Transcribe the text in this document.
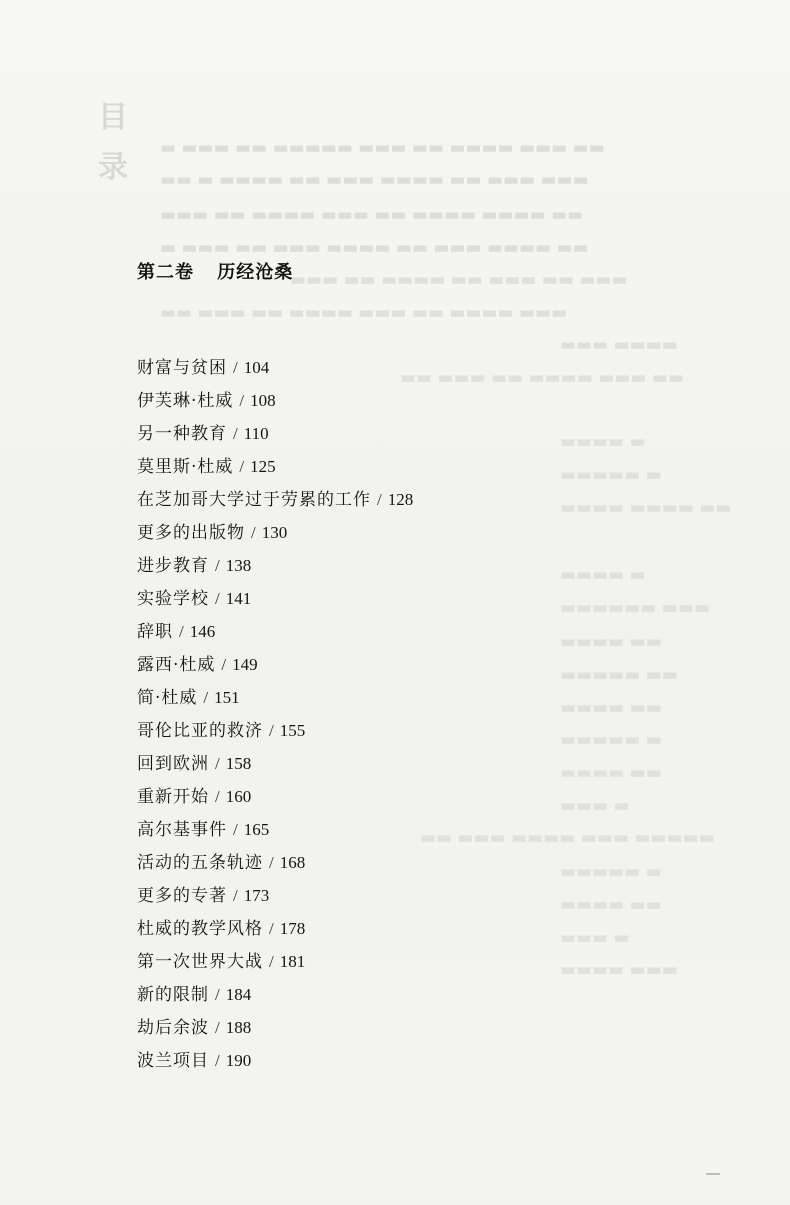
目
录
▬ ▬▬▬ ▬▬ ▬▬▬▬▬ ▬▬▬ ▬▬ ▬▬▬▬ ▬▬▬ ▬▬
▬▬ ▬ ▬▬▬▬ ▬▬ ▬▬▬ ▬▬▬▬ ▬▬ ▬▬▬ ▬▬▬
▬▬▬ ▬▬ ▬▬▬▬ ▬▬▬ ▬▬ ▬▬▬▬ ▬▬▬▬ ▬▬
▬ ▬▬▬ ▬▬ ▬▬▬ ▬▬▬▬ ▬▬ ▬▬▬ ▬▬▬▬ ▬▬
▬▬▬ ▬▬ ▬▬▬▬ ▬▬ ▬▬▬ ▬▬ ▬▬▬
▬▬ ▬▬▬ ▬▬ ▬▬▬▬ ▬▬▬ ▬▬ ▬▬▬▬ ▬▬▬
▬▬▬ ▬▬▬▬
▬▬ ▬▬▬ ▬▬ ▬▬▬▬ ▬▬▬ ▬▬
▬▬▬▬ ▬
▬▬▬▬▬ ▬
▬▬▬▬ ▬▬▬▬ ▬▬
▬▬▬▬ ▬
▬▬▬▬▬▬ ▬▬▬
▬▬▬▬ ▬▬
▬▬▬▬▬ ▬▬
▬▬▬▬ ▬▬
▬▬▬▬▬ ▬
▬▬▬▬ ▬▬
▬▬▬ ▬
▬▬ ▬▬▬ ▬▬▬▬ ▬▬▬ ▬▬▬▬▬
▬▬▬▬▬ ▬
▬▬▬▬ ▬▬
▬▬▬ ▬
▬▬▬▬ ▬▬▬
第二卷 历经沧桑
财富与贫困 / 104
伊芙琳·杜威 / 108
另一种教育 / 110
莫里斯·杜威 / 125
在芝加哥大学过于劳累的工作 / 128
更多的出版物 / 130
进步教育 / 138
实验学校 / 141
辞职 / 146
露西·杜威 / 149
简·杜威 / 151
哥伦比亚的救济 / 155
回到欧洲 / 158
重新开始 / 160
高尔基事件 / 165
活动的五条轨迹 / 168
更多的专著 / 173
杜威的教学风格 / 178
第一次世界大战 / 181
新的限制 / 184
劫后余波 / 188
波兰项目 / 190
